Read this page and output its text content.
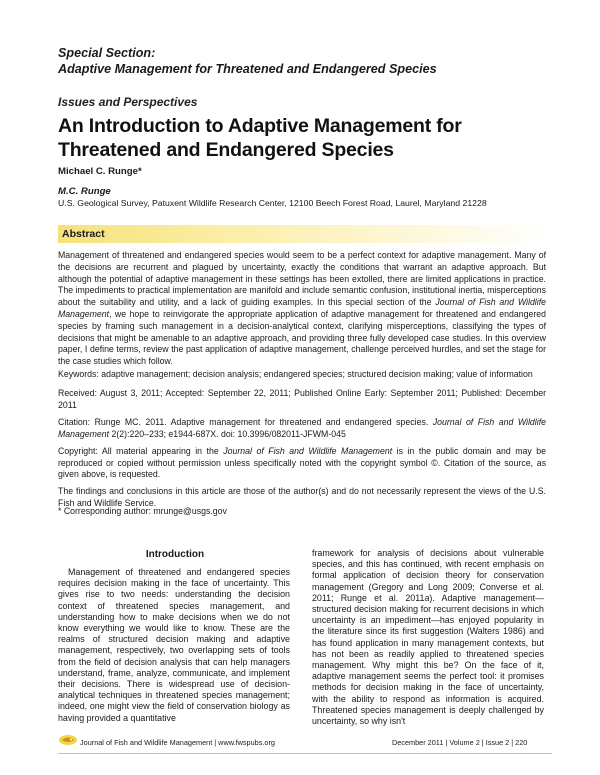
Special Section:
Adaptive Management for Threatened and Endangered Species
Issues and Perspectives
An Introduction to Adaptive Management for
Threatened and Endangered Species
Michael C. Runge*
M.C. Runge
U.S. Geological Survey, Patuxent Wildlife Research Center, 12100 Beech Forest Road, Laurel, Maryland 21228
Abstract
Management of threatened and endangered species would seem to be a perfect context for adaptive management. Many of the decisions are recurrent and plagued by uncertainty, exactly the conditions that warrant an adaptive approach. But although the potential of adaptive management in these settings has been extolled, there are limited applications in practice. The impediments to practical implementation are manifold and include semantic confusion, institutional inertia, misperceptions about the suitability and utility, and a lack of guiding examples. In this special section of the Journal of Fish and Wildlife Management, we hope to reinvigorate the appropriate application of adaptive management for threatened and endangered species by framing such management in a decision-analytical context, clarifying misperceptions, classifying the types of decisions that might be amenable to an adaptive approach, and providing three fully developed case studies. In this overview paper, I define terms, review the past application of adaptive management, challenge perceived hurdles, and set the stage for the case studies which follow.
Keywords: adaptive management; decision analysis; endangered species; structured decision making; value of information
Received: August 3, 2011; Accepted: September 22, 2011; Published Online Early: September 2011; Published: December 2011
Citation: Runge MC. 2011. Adaptive management for threatened and endangered species. Journal of Fish and Wildlife Management 2(2):220–233; e1944-687X. doi: 10.3996/082011-JFWM-045
Copyright: All material appearing in the Journal of Fish and Wildlife Management is in the public domain and may be reproduced or copied without permission unless specifically noted with the copyright symbol ©. Citation of the source, as given above, is requested.
The findings and conclusions in this article are those of the author(s) and do not necessarily represent the views of the U.S. Fish and Wildlife Service.
* Corresponding author: mrunge@usgs.gov
Introduction
Management of threatened and endangered species requires decision making in the face of uncertainty. This gives rise to two needs: understanding the decision context of threatened species management, and understanding how to make decisions when we do not know everything we would like to know. These are the realms of structured decision making and adaptive management, respectively, two overlapping sets of tools from the field of decision analysis that can help managers understand, frame, analyze, communicate, and implement their decisions. There is widespread use of decision-analytical techniques in threatened species management; indeed, one might view the field of conservation biology as having provided a quantitative
framework for analysis of decisions about vulnerable species, and this has continued, with recent emphasis on formal application of decision theory for conservation management (Gregory and Long 2009; Converse et al. 2011; Runge et al. 2011a). Adaptive management—structured decision making for recurrent decisions in which uncertainty is an impediment—has enjoyed popularity in the literature since its first suggestion (Walters 1986) and has found application in many management contexts, but has not been as readily applied to threatened species management. Why might this be? On the face of it, adaptive management seems the perfect tool: it promises methods for decision making in the face of uncertainty, with the ability to respond as information is acquired. Threatened species management is deeply challenged by uncertainty, so why isn't
Journal of Fish and Wildlife Management | www.fwspubs.org	December 2011 | Volume 2 | Issue 2 | 220
